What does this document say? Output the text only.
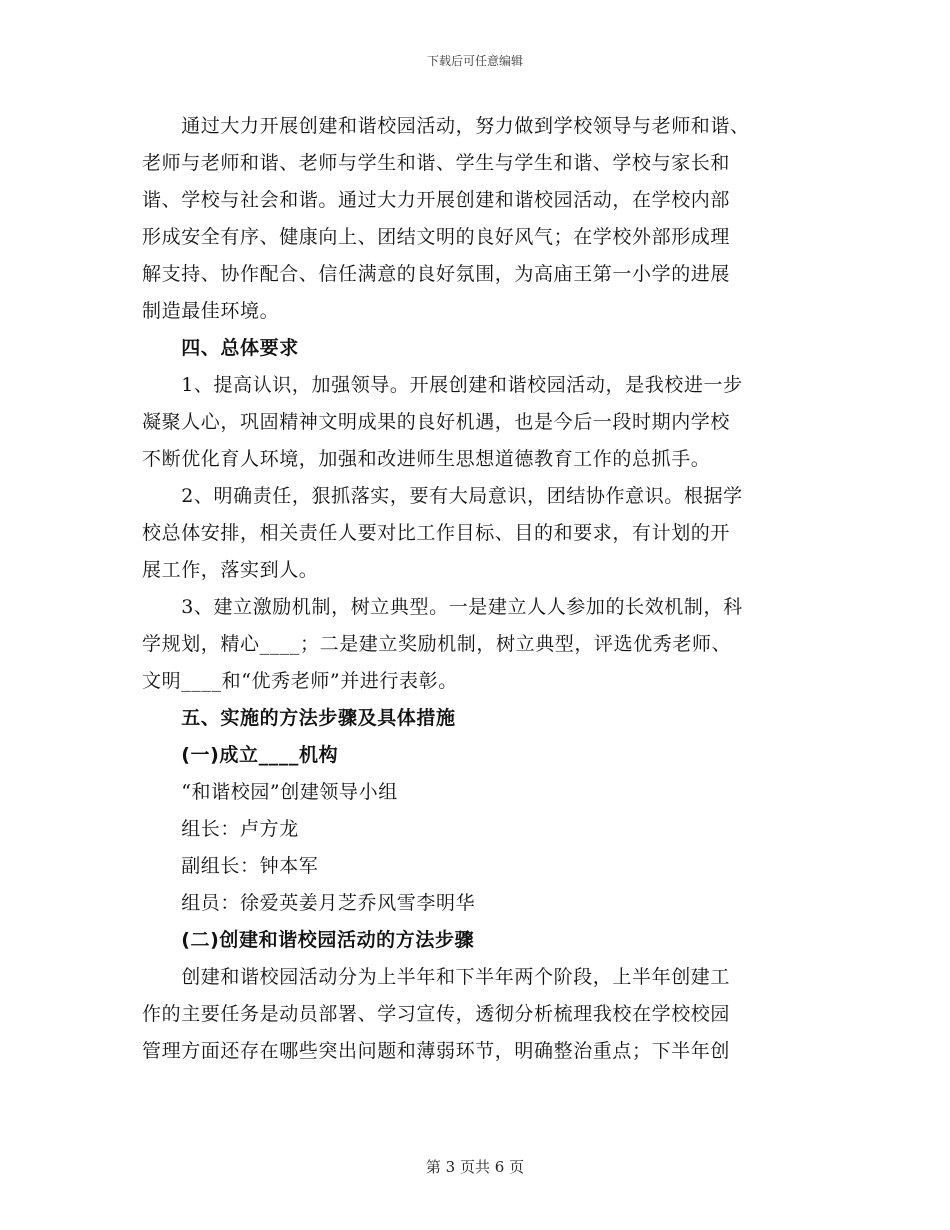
下载后可任意编辑
　　通过大力开展创建和谐校园活动，努力做到学校领导与老师和谐、
老师与老师和谐、老师与学生和谐、学生与学生和谐、学校与家长和
谐、学校与社会和谐。通过大力开展创建和谐校园活动，在学校内部
形成安全有序、健康向上、团结文明的良好风气；在学校外部形成理
解支持、协作配合、信任满意的良好氛围，为高庙王第一小学的进展
制造最佳环境。
　　四、总体要求
　　1、提高认识，加强领导。开展创建和谐校园活动，是我校进一步
凝聚人心，巩固精神文明成果的良好机遇，也是今后一段时期内学校
不断优化育人环境，加强和改进师生思想道德教育工作的总抓手。
　　2、明确责任，狠抓落实，要有大局意识，团结协作意识。根据学
校总体安排，相关责任人要对比工作目标、目的和要求，有计划的开
展工作，落实到人。
　　3、建立激励机制，树立典型。一是建立人人参加的长效机制，科
学规划，精心____；二是建立奖励机制，树立典型，评选优秀老师、
文明____和“优秀老师”并进行表彰。
　　五、实施的方法步骤及具体措施
　　(一)成立____机构
　　“和谐校园”创建领导小组
　　组长：卢方龙
　　副组长：钟本军
　　组员：徐爱英姜月芝乔风雪李明华
　　(二)创建和谐校园活动的方法步骤
　　创建和谐校园活动分为上半年和下半年两个阶段，上半年创建工
作的主要任务是动员部署、学习宣传，透彻分析梳理我校在学校校园
管理方面还存在哪些突出问题和薄弱环节，明确整治重点；下半年创
第 3 页共 6 页
